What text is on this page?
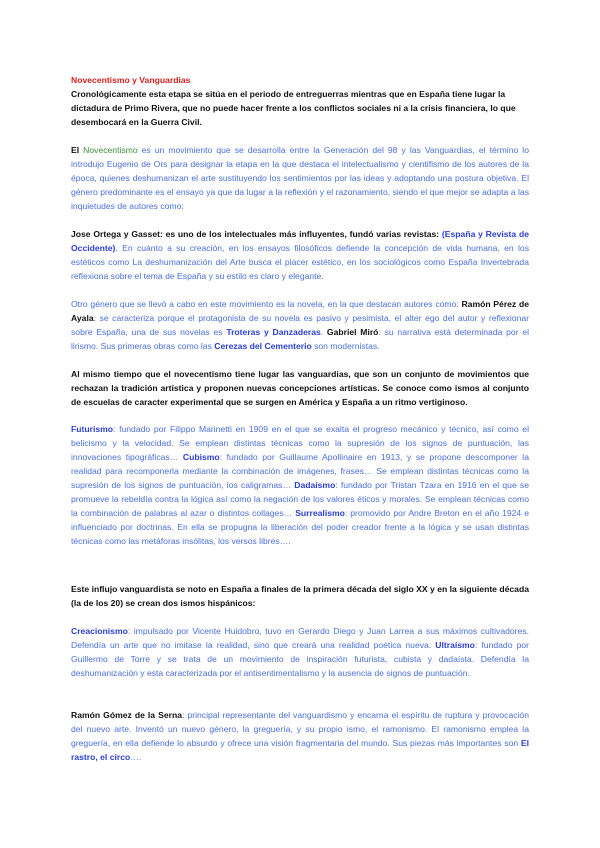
Novecentismo y Vanguardias
Cronológicamente esta etapa se sitúa en el periodo de entreguerras mientras que en España tiene lugar la dictadura de Primo Rivera, que no puede hacer frente a los conflictos sociales ni a la crisis financiera, lo que desembocará en la Guerra Civil.

El Novecentismo es un movimiento que se desarrolla entre la Generación del 98 y las Vanguardias, el término lo introdujo Eugenio de Ors para designar la etapa en la que destaca el intelectualismo y cientifismo de los autores de la época, quienes deshumanizan el arte sustituyendo los sentimientos por las ideas y adoptando una postura objetiva. El género predominante es el ensayo ya que da lugar a la reflexión y el razonamiento, siendo el que mejor se adapta a las inquietudes de autores como:

Jose Ortega y Gasset: es uno de los intelectuales más influyentes, fundó varias revistas: (España y Revista de Occidente). En cuánto a su creación, en los ensayos filosóficos defiende la concepción de vida humana, en los estéticos como La deshumanización del Arte busca el placer estético, en los sociológicos como España Invertebrada reflexiona sobre el tema de España y su estilo es claro y elegante.

Otro género que se llevó a cabo en este movimiento es la novela, en la que destacan autores como: Ramón Pérez de Ayala: se caracteriza porque el protagonista de su novela es pasivo y pesimista, el alter ego del autor y reflexionar sobre España, una de sus novelas es Troteras y Danzaderas. Gabriel Miró: su narrativa está determinada por el lirismo. Sus primeras obras como las Cerezas del Cementerio son modernistas.

Al mismo tiempo que el novecentismo tiene lugar las vanguardias, que son un conjunto de movimientos que rechazan la tradición artística y proponen nuevas concepciones artísticas. Se conoce como ismos al conjunto de escuelas de caracter experimental que se surgen en América y España a un ritmo vertiginoso.

Futurismo: fundado por Filippo Marinetti en 1909 en el que se exalta el progreso mecánico y técnico, así como el belicismo y la velocidad. Se emplean distintas técnicas como la supresión de los signos de puntuación, las innovaciones tipográficas… Cubismo: fundado por Guillaume Apollinaire en 1913, y se propone descomponer la realidad para recomponerla mediante la combinación de imágenes, frases… Se emplean distintas técnicas como la supresión de los signos de puntuación, los caligramas… Dadaísmo: fundado por Tristan Tzara en 1916 en el que se promueve la rebeldía contra la lógica así como la negación de los valores éticos y morales. Se emplean técnicas como la combinación de palabras al azar o distintos collages… Surrealismo: promovido por Andre Breton en el año 1924 e influenciado por doctrinas. En ella se propugna la liberación del poder creador frente a la lógica y se usan distintas técnicas como las metáforas insólitas, los versos libres….

Este influjo vanguardista se noto en España a finales de la primera década del siglo XX y en la siguiente década (la de los 20) se crean dos ismos hispánicos:

Creacionismo: impulsado por Vicente Huidobro, tuvo en Gerardo Diego y Juan Larrea a sus máximos cultivadores. Defendía un arte que no imitase la realidad, sino que creará una realidad poética nueva. Ultraísmo: fundado por Guillermo de Torre y se trata de un movimiento de inspiración futurista, cubista y dadaísta. Defendía la deshumanización y esta caracterizada por el antisentimentalismo y la ausencia de signos de puntuación.

Ramón Gómez de la Serna: principal representante del vanguardismo y encarna el espíritu de ruptura y provocación del nuevo arte. Inventó un nuevo género, la greguería, y su propio ismo, el ramonismo. El ramonismo emplea la greguería, en ella defiende lo absurdo y ofrece una visión fragmentaria del mundo. Sus piezas más importantes son El rastro, el circo….
